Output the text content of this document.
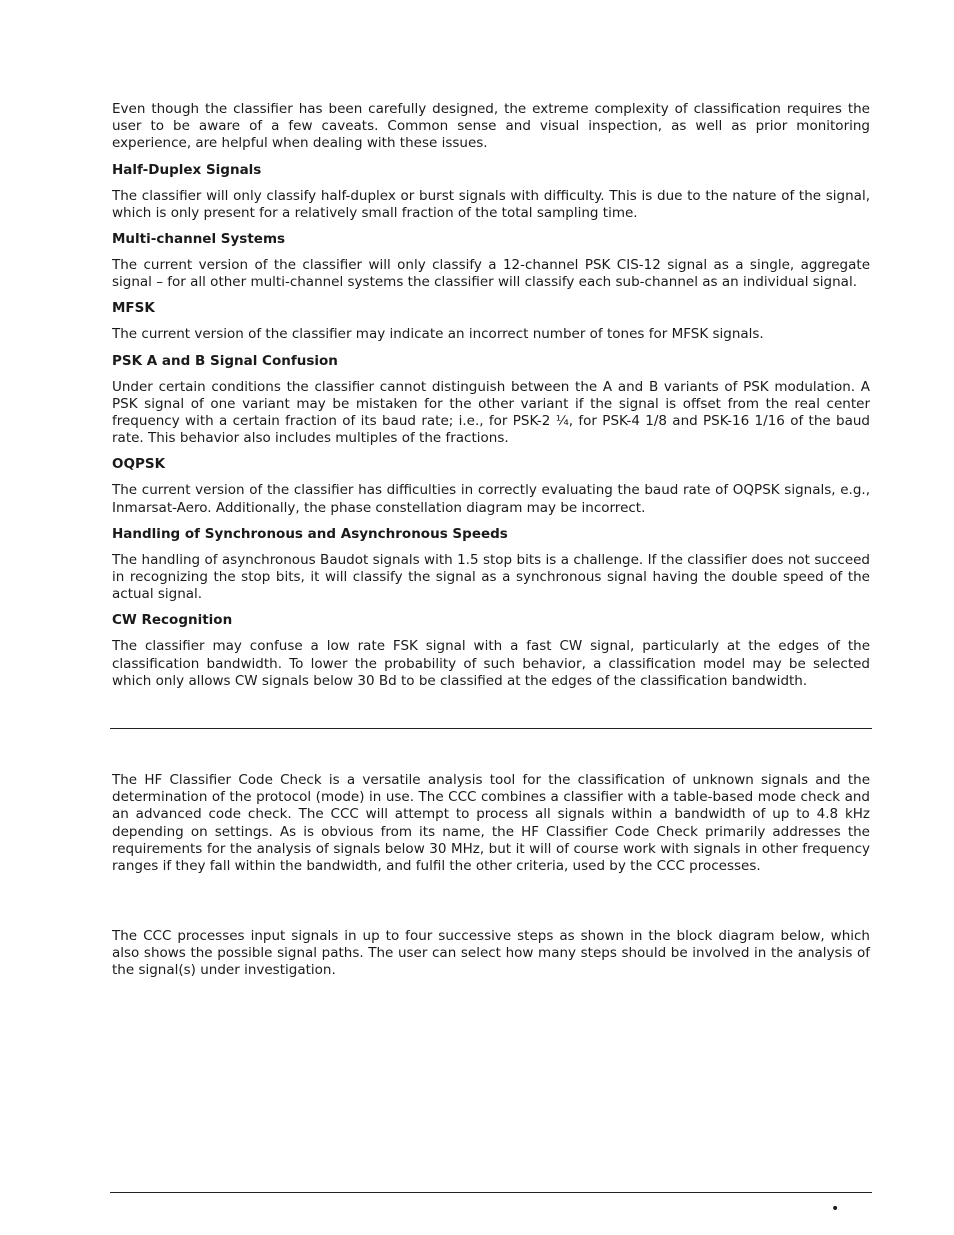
Even though the classifier has been carefully designed, the extreme complexity of classification requires the user to be aware of a few caveats. Common sense and visual inspection, as well as prior monitoring experience, are helpful when dealing with these issues.

Half-Duplex Signals

The classifier will only classify half-duplex or burst signals with difficulty. This is due to the nature of the signal, which is only present for a relatively small fraction of the total sampling time.

Multi-channel Systems

The current version of the classifier will only classify a 12-channel PSK CIS-12 signal as a single, aggregate signal – for all other multi-channel systems the classifier will classify each sub-channel as an individual signal.

MFSK

The current version of the classifier may indicate an incorrect number of tones for MFSK signals.

PSK A and B Signal Confusion

Under certain conditions the classifier cannot distinguish between the A and B variants of PSK modulation. A PSK signal of one variant may be mistaken for the other variant if the signal is offset from the real center frequency with a certain fraction of its baud rate; i.e., for PSK-2 ¼, for PSK-4 1/8 and PSK-16 1/16 of the baud rate. This behavior also includes multiples of the fractions.

OQPSK

The current version of the classifier has difficulties in correctly evaluating the baud rate of OQPSK signals, e.g., Inmarsat-Aero. Additionally, the phase constellation diagram may be incorrect.

Handling of Synchronous and Asynchronous Speeds

The handling of asynchronous Baudot signals with 1.5 stop bits is a challenge. If the classifier does not succeed in recognizing the stop bits, it will classify the signal as a synchronous signal having the double speed of the actual signal.

CW Recognition

The classifier may confuse a low rate FSK signal with a fast CW signal, particularly at the edges of the classification bandwidth. To lower the probability of such behavior, a classification model may be selected which only allows CW signals below 30 Bd to be classified at the edges of the classification bandwidth.

The HF Classifier Code Check is a versatile analysis tool for the classification of unknown signals and the determination of the protocol (mode) in use. The CCC combines a classifier with a table-based mode check and an advanced code check. The CCC will attempt to process all signals within a bandwidth of up to 4.8 kHz depending on settings. As is obvious from its name, the HF Classifier Code Check primarily addresses the requirements for the analysis of signals below 30 MHz, but it will of course work with signals in other frequency ranges if they fall within the bandwidth, and fulfil the other criteria, used by the CCC processes.

The CCC processes input signals in up to four successive steps as shown in the block diagram below, which also shows the possible signal paths. The user can select how many steps should be involved in the analysis of the signal(s) under investigation.

•
